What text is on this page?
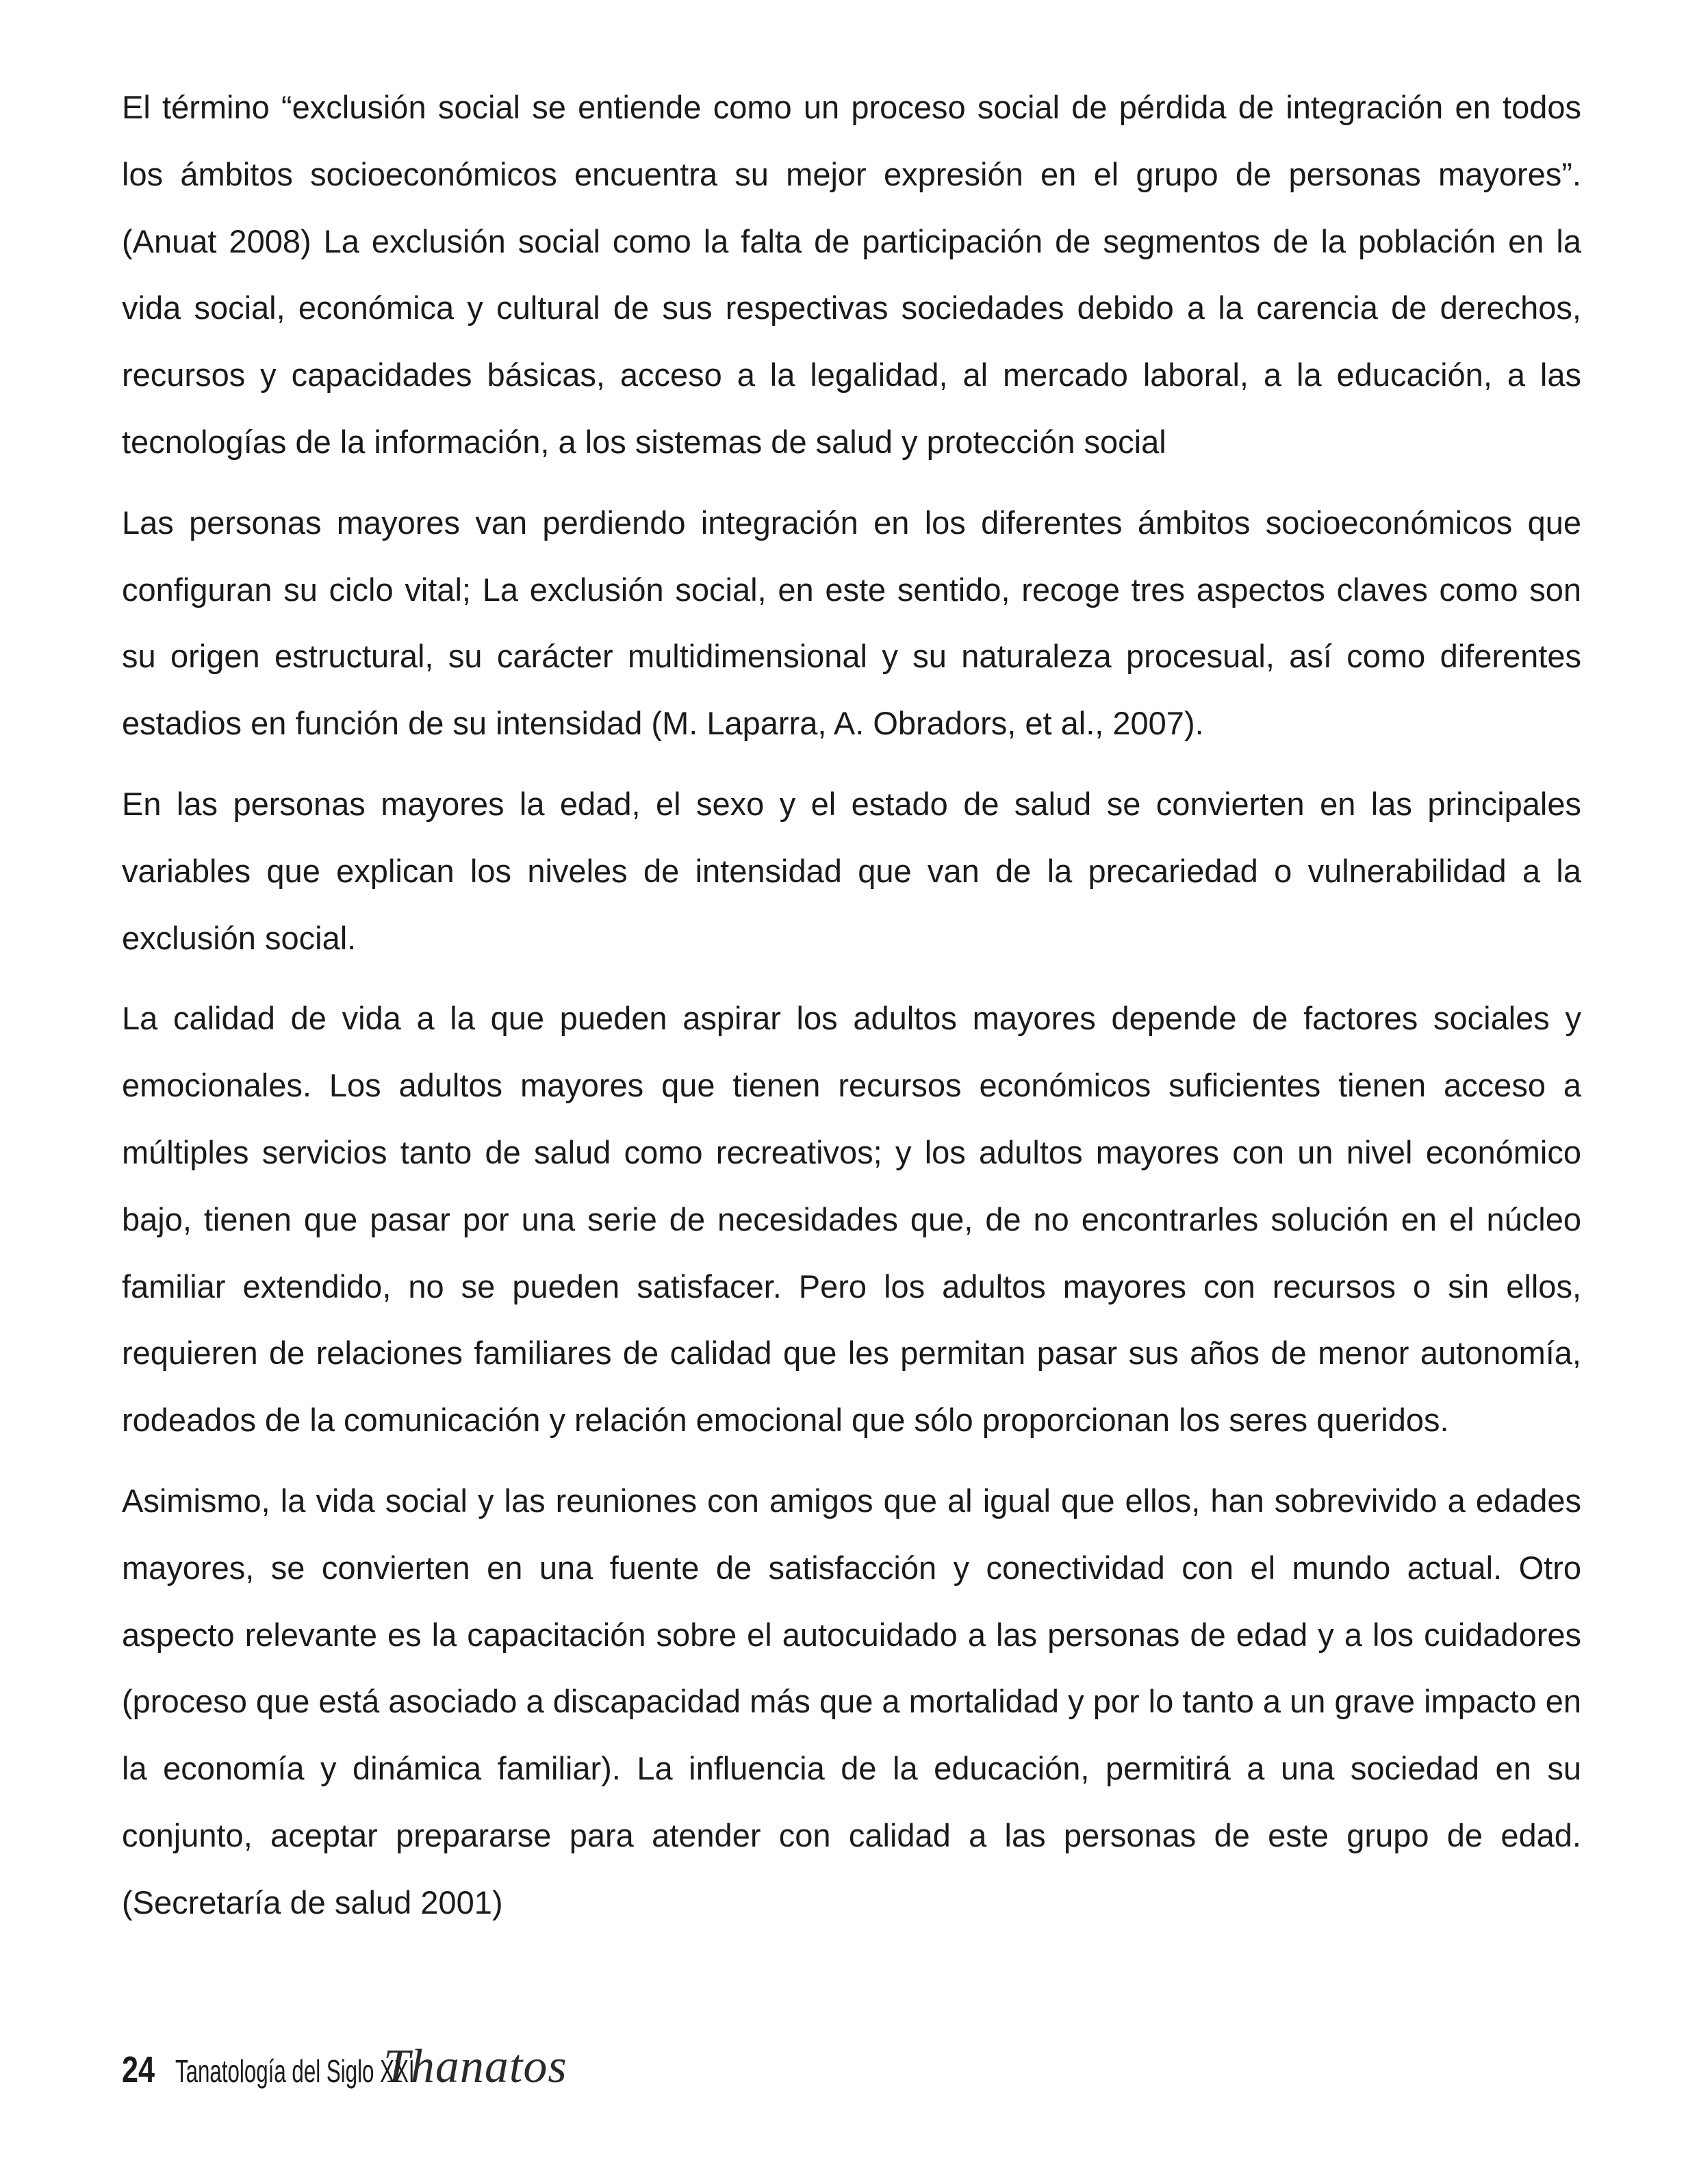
El término “exclusión social se entiende como un proceso social de pérdida de integración en todos los ámbitos socioeconómicos encuentra su mejor expresión en el grupo de personas mayores”. (Anuat 2008) La exclusión social como la falta de participación de segmentos de la población en la vida social, económica y cultural de sus respectivas sociedades debido a la carencia de derechos, recursos y capacidades básicas, acceso a la legalidad, al mercado laboral, a la educación, a las tecnologías de la información, a los sistemas de salud y protección social

Las personas mayores van perdiendo integración en los diferentes ámbitos socioeconómicos que configuran su ciclo vital; La exclusión social, en este sentido, recoge tres aspectos claves como son su origen estructural, su carácter multidimensional y su naturaleza procesual, así como diferentes estadios en función de su intensidad (M. Laparra, A. Obradors, et al., 2007).

En las personas mayores la edad, el sexo y el estado de salud se convierten en las principales variables que explican los niveles de intensidad que van de la precariedad o vulnerabilidad a la exclusión social.

La calidad de vida a la que pueden aspirar los adultos mayores depende de factores sociales y emocionales. Los adultos mayores que tienen recursos económicos suficientes tienen acceso a múltiples servicios tanto de salud como recreativos; y los adultos mayores con un nivel económico bajo, tienen que pasar por una serie de necesidades que, de no encontrarles solución en el núcleo familiar extendido, no se pueden satisfacer. Pero los adultos mayores con recursos o sin ellos, requieren de relaciones familiares de calidad que les permitan pasar sus años de menor autonomía, rodeados de la comunicación y relación emocional que sólo proporcionan los seres queridos.

Asimismo, la vida social y las reuniones con amigos que al igual que ellos, han sobrevivido a edades mayores, se convierten en una fuente de satisfacción y conectividad con el mundo actual. Otro aspecto relevante es la capacitación sobre el autocuidado a las personas de edad y a los cuidadores (proceso que está asociado a discapacidad más que a mortalidad y por lo tanto a un grave impacto en la economía y dinámica familiar). La influencia de la educación, permitirá a una sociedad en su conjunto, aceptar prepararse para atender con calidad a las personas de este grupo de edad. (Secretaría de salud 2001)

24 Tanatología del Siglo XXI
Thanatos
